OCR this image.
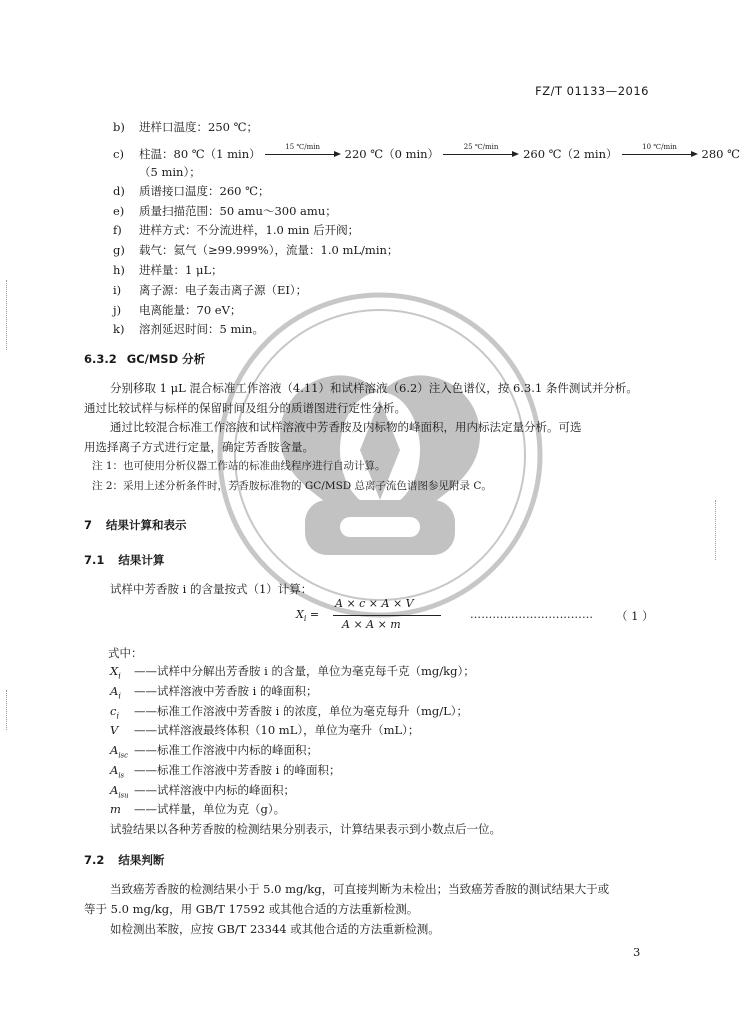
FZ/T 01133—2016
b) 进样口温度：250 ℃；
c) 柱温：80 ℃（1 min）	15 ℃/min	220 ℃（0 min）	25 ℃/min	260 ℃（2 min）	10 ℃/min	280 ℃
（5 min）；
d) 质谱接口温度：260 ℃；
e) 质量扫描范围：50 amu～300 amu；
f) 进样方式：不分流进样，1.0 min 后开阀；
g) 载气：氦气（≥99.999%），流量：1.0 mL/min；
h) 进样量：1 μL；
i) 离子源：电子轰击离子源（EI）；
j) 电离能量：70 eV；
k) 溶剂延迟时间：5 min。
6.3.2 GC/MSD 分析
分别移取 1 μL 混合标准工作溶液（4.11）和试样溶液（6.2）注入色谱仪，按 6.3.1 条件测试并分析。
通过比较试样与标样的保留时间及组分的质谱图进行定性分析。
通过比较混合标准工作溶液和试样溶液中芳香胺及内标物的峰面积，用内标法定量分析。可选
用选择离子方式进行定量，确定芳香胺含量。
注 1：也可使用分析仪器工作站的标准曲线程序进行自动计算。
注 2：采用上述分析条件时，芳香胺标准物的 GC/MSD 总离子流色谱图参见附录 C。
7 结果计算和表示
7.1 结果计算
试样中芳香胺 i 的含量按式（1）计算：
$X_i$ =
A × c × A × V
A × A × m
…………………………… （ 1 ）
式中：
$X_i$ ——试样中分解出芳香胺 i 的含量，单位为毫克每千克（mg/kg）；
$A_i$ ——试样溶液中芳香胺 i 的峰面积；
$c_i$ ——标准工作溶液中芳香胺 i 的浓度，单位为毫克每升（mg/L）；
V ——试样溶液最终体积（10 mL），单位为毫升（mL）；
$A_{isc}$ ——标准工作溶液中内标的峰面积；
$A_{is}$ ——标准工作溶液中芳香胺 i 的峰面积；
$A_{isu}$ ——试样溶液中内标的峰面积；
m ——试样量，单位为克（g）。
试验结果以各种芳香胺的检测结果分别表示，计算结果表示到小数点后一位。
7.2 结果判断
当致癌芳香胺的检测结果小于 5.0 mg/kg，可直接判断为未检出；当致癌芳香胺的测试结果大于或
等于 5.0 mg/kg，用 GB/T 17592 或其他合适的方法重新检测。
如检测出苯胺，应按 GB/T 23344 或其他合适的方法重新检测。
3
